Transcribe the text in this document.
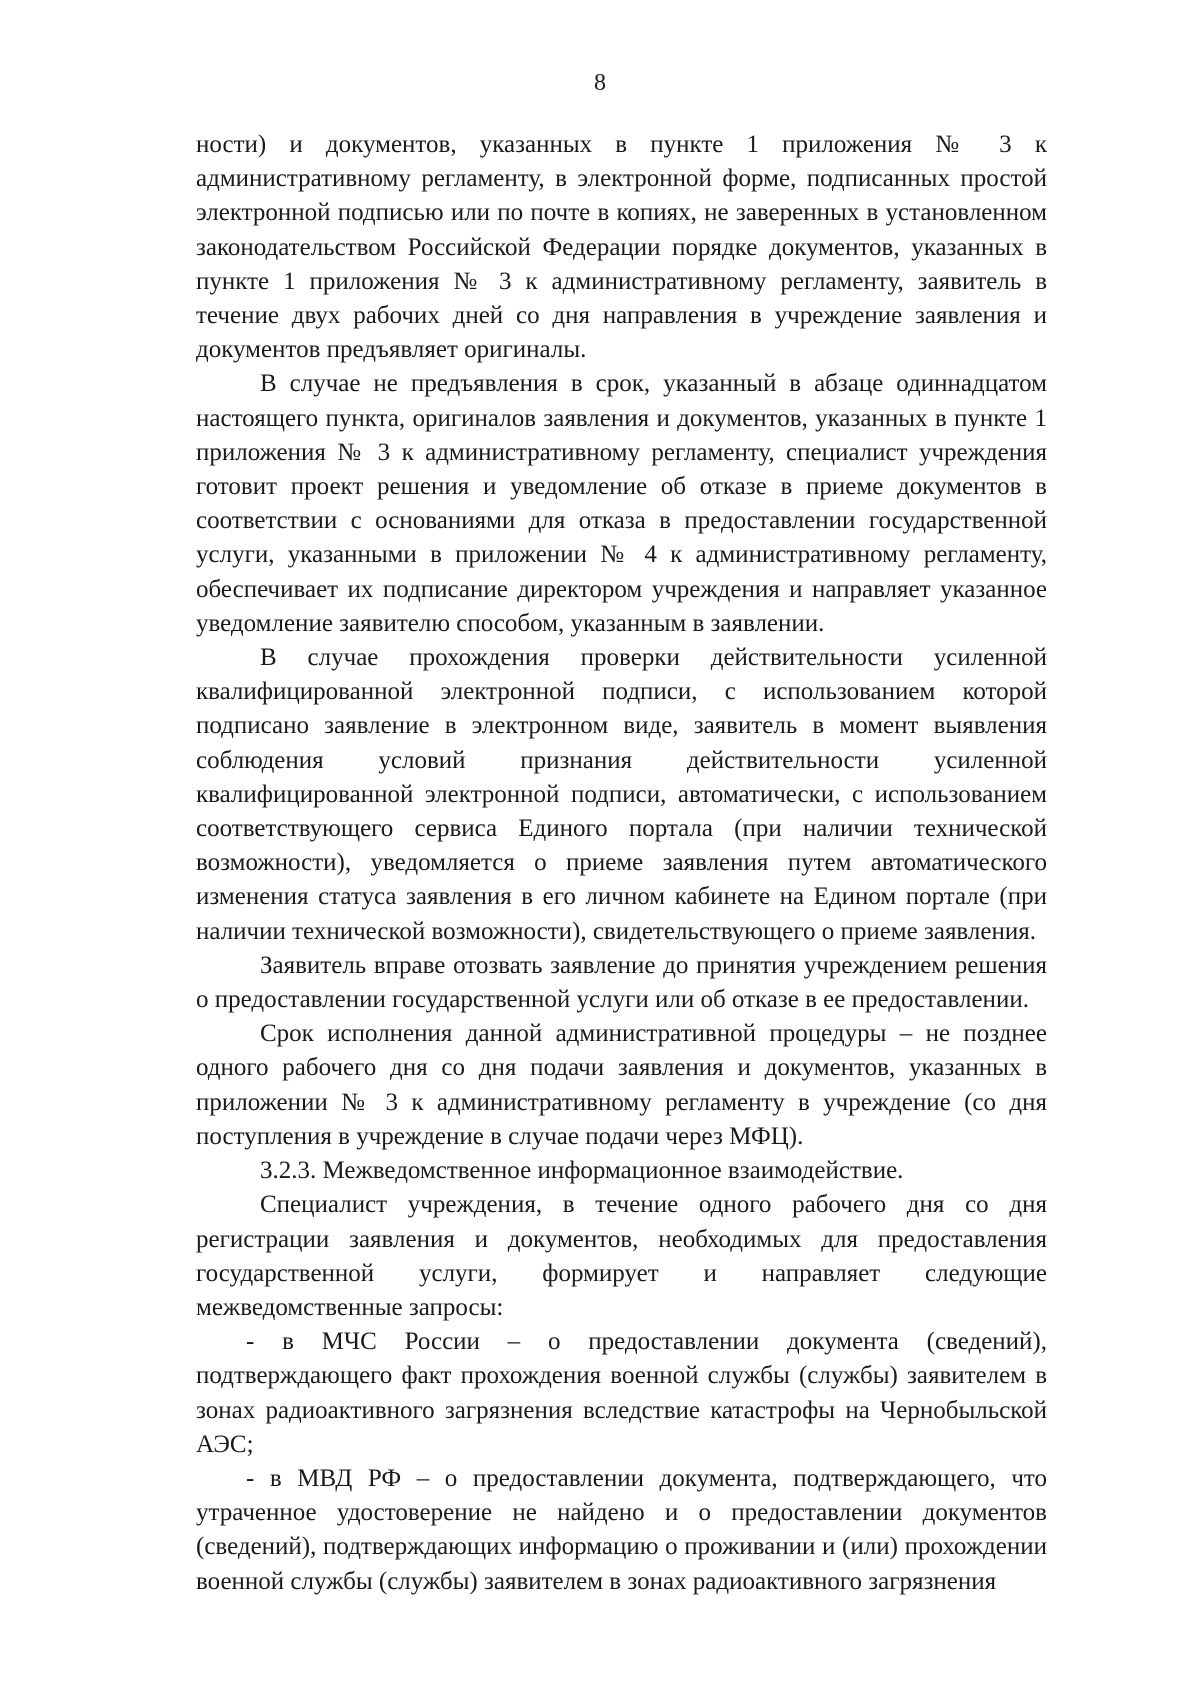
8

ности) и документов, указанных в пункте 1 приложения № 3 к административному регламенту, в электронной форме, подписанных простой электронной подписью или по почте в копиях, не заверенных в установленном законодательством Российской Федерации порядке документов, указанных в пункте 1 приложения № 3 к административному регламенту, заявитель в течение двух рабочих дней со дня направления в учреждение заявления и документов предъявляет оригиналы.

В случае не предъявления в срок, указанный в абзаце одиннадцатом настоящего пункта, оригиналов заявления и документов, указанных в пункте 1 приложения № 3 к административному регламенту, специалист учреждения готовит проект решения и уведомление об отказе в приеме документов в соответствии с основаниями для отказа в предоставлении государственной услуги, указанными в приложении № 4 к административному регламенту, обеспечивает их подписание директором учреждения и направляет указанное уведомление заявителю способом, указанным в заявлении.

В случае прохождения проверки действительности усиленной квалифицированной электронной подписи, с использованием которой подписано заявление в электронном виде, заявитель в момент выявления соблюдения условий признания действительности усиленной квалифицированной электронной подписи, автоматически, с использованием соответствующего сервиса Единого портала (при наличии технической возможности), уведомляется о приеме заявления путем автоматического изменения статуса заявления в его личном кабинете на Едином портале (при наличии технической возможности), свидетельствующего о приеме заявления.

Заявитель вправе отозвать заявление до принятия учреждением решения о предоставлении государственной услуги или об отказе в ее предоставлении.

Срок исполнения данной административной процедуры – не позднее одного рабочего дня со дня подачи заявления и документов, указанных в приложении № 3 к административному регламенту в учреждение (со дня поступления в учреждение в случае подачи через МФЦ).

3.2.3. Межведомственное информационное взаимодействие.

Специалист учреждения, в течение одного рабочего дня со дня регистрации заявления и документов, необходимых для предоставления государственной услуги, формирует и направляет следующие межведомственные запросы:

- в МЧС России – о предоставлении документа (сведений), подтверждающего факт прохождения военной службы (службы) заявителем в зонах радиоактивного загрязнения вследствие катастрофы на Чернобыльской АЭС;

- в МВД РФ – о предоставлении документа, подтверждающего, что утраченное удостоверение не найдено и о предоставлении документов (сведений), подтверждающих информацию о проживании и (или) прохождении военной службы (службы) заявителем в зонах радиоактивного загрязнения
